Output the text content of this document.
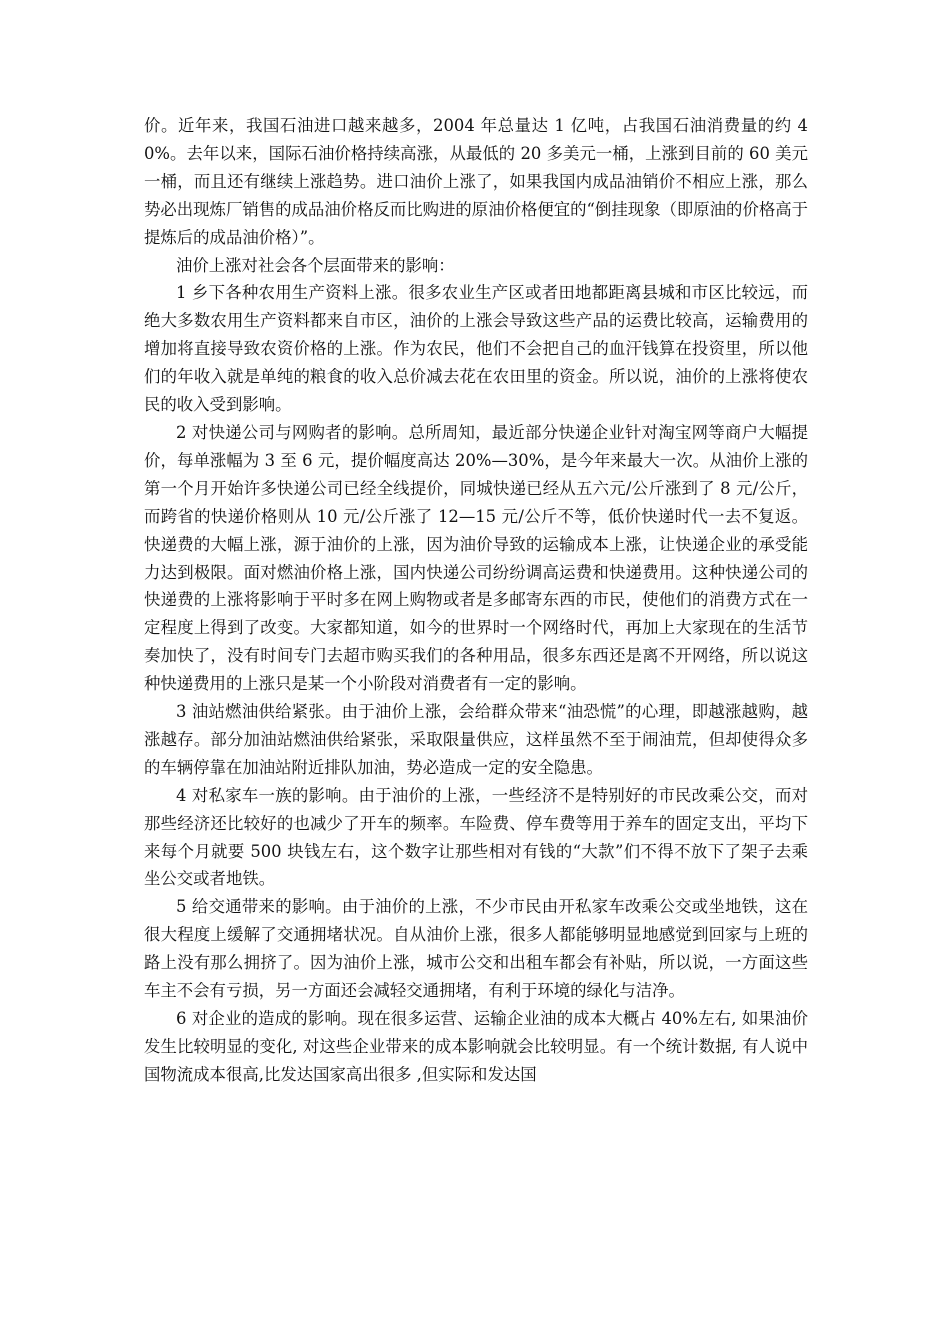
价。近年来，我国石油进口越来越多，2004 年总量达 1 亿吨，占我国石油消费量的约 40%。去年以来，国际石油价格持续高涨，从最低的 20 多美元一桶，上涨到目前的 60 美元一桶，而且还有继续上涨趋势。进口油价上涨了，如果我国内成品油销价不相应上涨，那么势必出现炼厂销售的成品油价格反而比购进的原油价格便宜的“倒挂现象（即原油的价格高于提炼后的成品油价格）”。

油价上涨对社会各个层面带来的影响：

1 乡下各种农用生产资料上涨。很多农业生产区或者田地都距离县城和市区比较远，而绝大多数农用生产资料都来自市区，油价的上涨会导致这些产品的运费比较高，运输费用的增加将直接导致农资价格的上涨。作为农民，他们不会把自己的血汗钱算在投资里，所以他们的年收入就是单纯的粮食的收入总价减去花在农田里的资金。所以说，油价的上涨将使农民的收入受到影响。

2 对快递公司与网购者的影响。总所周知，最近部分快递企业针对淘宝网等商户大幅提价，每单涨幅为 3 至 6 元，提价幅度高达 20%—30%，是今年来最大一次。从油价上涨的第一个月开始许多快递公司已经全线提价，同城快递已经从五六元/公斤涨到了 8 元/公斤，而跨省的快递价格则从 10 元/公斤涨了 12—15 元/公斤不等，低价快递时代一去不复返。快递费的大幅上涨，源于油价的上涨，因为油价导致的运输成本上涨，让快递企业的承受能力达到极限。面对燃油价格上涨，国内快递公司纷纷调高运费和快递费用。这种快递公司的快递费的上涨将影响于平时多在网上购物或者是多邮寄东西的市民，使他们的消费方式在一定程度上得到了改变。大家都知道，如今的世界时一个网络时代，再加上大家现在的生活节奏加快了，没有时间专门去超市购买我们的各种用品，很多东西还是离不开网络，所以说这种快递费用的上涨只是某一个小阶段对消费者有一定的影响。

3 油站燃油供给紧张。由于油价上涨，会给群众带来“油恐慌”的心理，即越涨越购，越涨越存。部分加油站燃油供给紧张，采取限量供应，这样虽然不至于闹油荒，但却使得众多的车辆停靠在加油站附近排队加油，势必造成一定的安全隐患。

4 对私家车一族的影响。由于油价的上涨，一些经济不是特别好的市民改乘公交，而对那些经济还比较好的也减少了开车的频率。车险费、停车费等用于养车的固定支出，平均下来每个月就要 500 块钱左右，这个数字让那些相对有钱的“大款”们不得不放下了架子去乘坐公交或者地铁。

5 给交通带来的影响。由于油价的上涨，不少市民由开私家车改乘公交或坐地铁，这在很大程度上缓解了交通拥堵状况。自从油价上涨，很多人都能够明显地感觉到回家与上班的路上没有那么拥挤了。因为油价上涨，城市公交和出租车都会有补贴，所以说，一方面这些车主不会有亏损，另一方面还会减轻交通拥堵，有利于环境的绿化与洁净。

6 对企业的造成的影响。现在很多运营、运输企业油的成本大概占 40%左右, 如果油价发生比较明显的变化, 对这些企业带来的成本影响就会比较明显。有一个统计数据, 有人说中国物流成本很高,比发达国家高出很多 ,但实际和发达国
